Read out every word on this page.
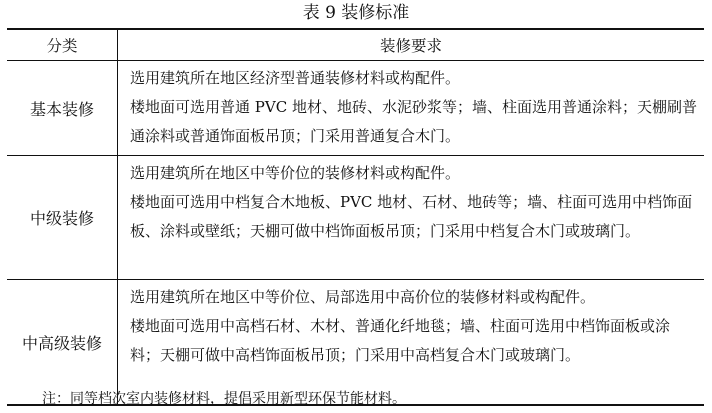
表 9 装修标准
分类	装修要求
基本装修	选用建筑所在地区经济型普通装修材料或构配件。

楼地面可选用普通 PVC 地材、地砖、水泥砂浆等；墙、柱面选用普通涂料；天棚刷普通涂料或普通饰面板吊顶；门采用普通复合木门。

中级装修	选用建筑所在地区中等价位的装修材料或构配件。

楼地面可选用中档复合木地板、PVC 地材、石材、地砖等；墙、柱面可选用中档饰面板、涂料或壁纸；天棚可做中档饰面板吊顶；门采用中档复合木门或玻璃门。

中高级装修	选用建筑所在地区中等价位、局部选用中高价位的装修材料或构配件。

楼地面可选用中高档石材、木材、普通化纤地毯；墙、柱面可选用中档饰面板或涂料；天棚可做中高档饰面板吊顶；门采用中高档复合木门或玻璃门。

注：同等档次室内装修材料，提倡采用新型环保节能材料。
